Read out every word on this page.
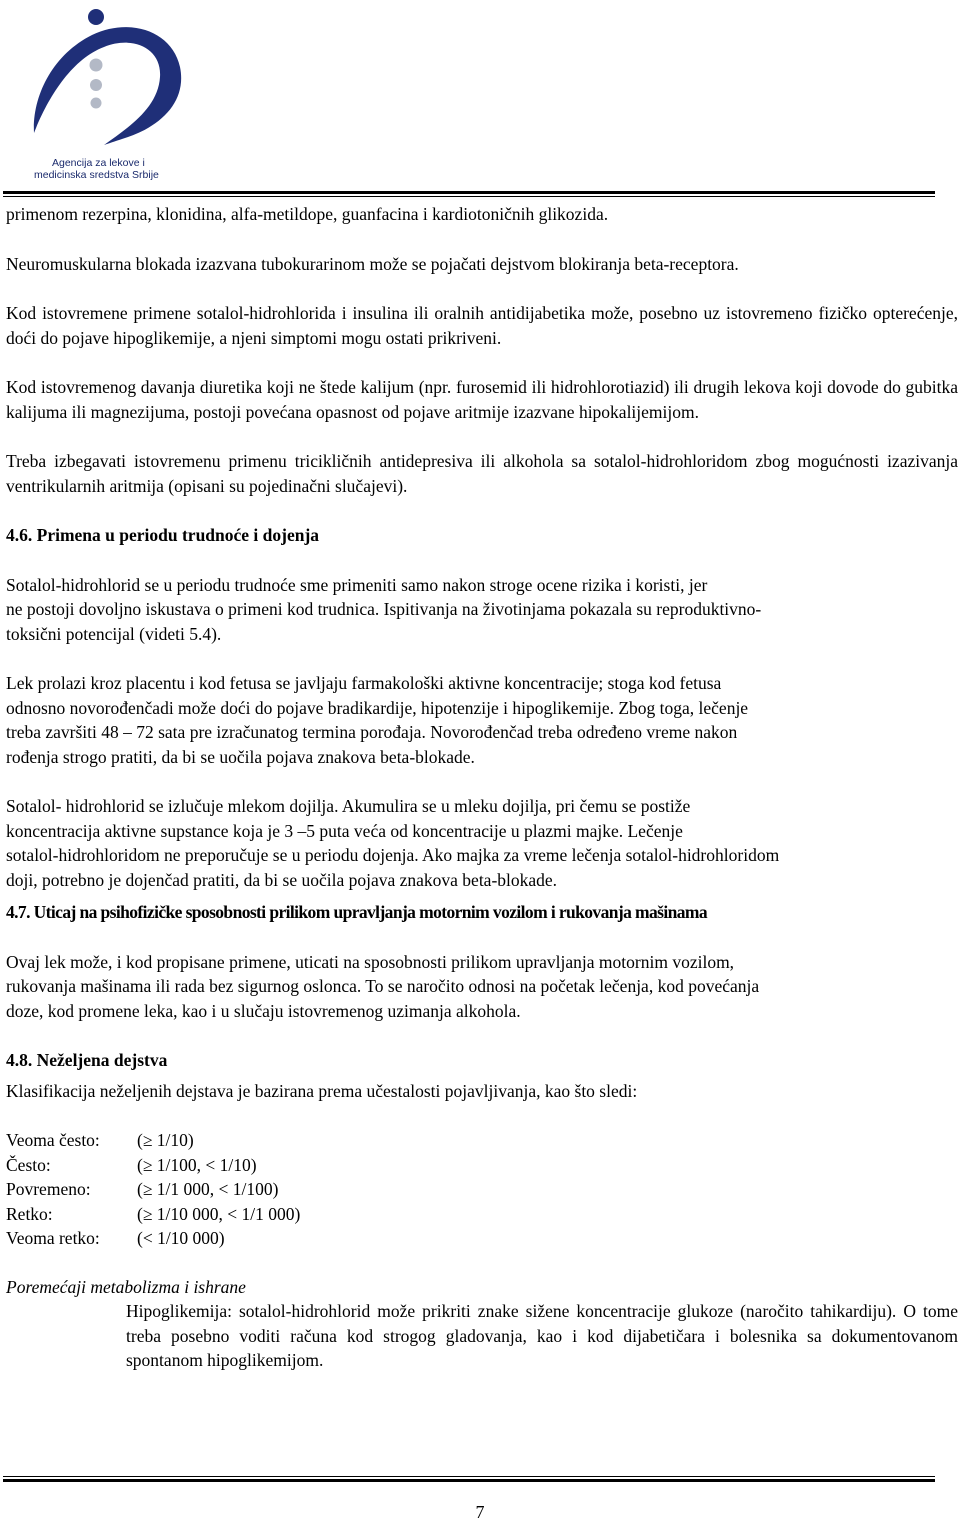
Agencija za lekove i
medicinska sredstva Srbije

primenom rezerpina, klonidina, alfa-metildope, guanfacina i kardiotoničnih glikozida.

Neuromuskularna blokada izazvana tubokurarinom može se pojačati dejstvom blokiranja beta-receptora.

Kod istovremene primene sotalol-hidrohlorida i insulina ili oralnih antidijabetika može, posebno uz istovremeno fizičko opterećenje, doći do pojave hipoglikemije, a njeni simptomi mogu ostati prikriveni.

Kod istovremenog davanja diuretika koji ne štede kalijum (npr. furosemid ili hidrohlorotiazid) ili drugih lekova koji dovode do gubitka kalijuma ili magnezijuma, postoji povećana opasnost od pojave aritmije izazvane hipokalijemijom.

Treba izbegavati istovremenu primenu tricikličnih antidepresiva ili alkohola sa sotalol-hidrohloridom zbog mogućnosti izazivanja ventrikularnih aritmija (opisani su pojedinačni slučajevi).

4.6. Primena u periodu trudnoće i dojenja

Sotalol-hidrohlorid se u periodu trudnoće sme primeniti samo nakon stroge ocene rizika i koristi, jer

ne postoji dovoljno iskustava o primeni kod trudnica. Ispitivanja na životinjama pokazala su reproduktivno-

toksični potencijal (videti 5.4).

Lek prolazi kroz placentu i kod fetusa se javljaju farmakološki aktivne koncentracije; stoga kod fetusa

odnosno novorođenčadi može doći do pojave bradikardije, hipotenzije i hipoglikemije. Zbog toga, lečenje

treba završiti 48 – 72 sata pre izračunatog termina porođaja. Novorođenčad treba određeno vreme nakon

rođenja strogo pratiti, da bi se uočila pojava znakova beta-blokade.

Sotalol- hidrohlorid se izlučuje mlekom dojilja. Akumulira se u mleku dojilja, pri čemu se postiže

koncentracija aktivne supstance koja je 3 –5 puta veća od koncentracije u plazmi majke. Lečenje

sotalol-hidrohloridom ne preporučuje se u periodu dojenja. Ako majka za vreme lečenja sotalol-hidrohloridom

doji, potrebno je dojenčad pratiti, da bi se uočila pojava znakova beta-blokade.

4.7. Uticaj na psihofizičke sposobnosti prilikom upravljanja motornim vozilom i rukovanja mašinama

Ovaj lek može, i kod propisane primene, uticati na sposobnosti prilikom upravljanja motornim vozilom,

rukovanja mašinama ili rada bez sigurnog oslonca. To se naročito odnosi na početak lečenja, kod povećanja

doze, kod promene leka, kao i u slučaju istovremenog uzimanja alkohola.

4.8. Neželjena dejstva

Klasifikacija neželjenih dejstava je bazirana prema učestalosti pojavljivanja, kao što sledi:

Veoma često:	(≥ 1/10)
Često:	(≥ 1/100, < 1/10)
Povremeno:	(≥ 1/1 000, < 1/100)
Retko:	(≥ 1/10 000, < 1/1 000)
Veoma retko:	(< 1/10 000)

Poremećaji metabolizma i ishrane

Hipoglikemija: sotalol-hidrohlorid može prikriti znake sižene koncentracije glukoze (naročito tahikardiju). O tome treba posebno voditi računa kod strogog gladovanja, kao i kod dijabetičara i bolesnika sa dokumentovanom spontanom hipoglikemijom.

7
